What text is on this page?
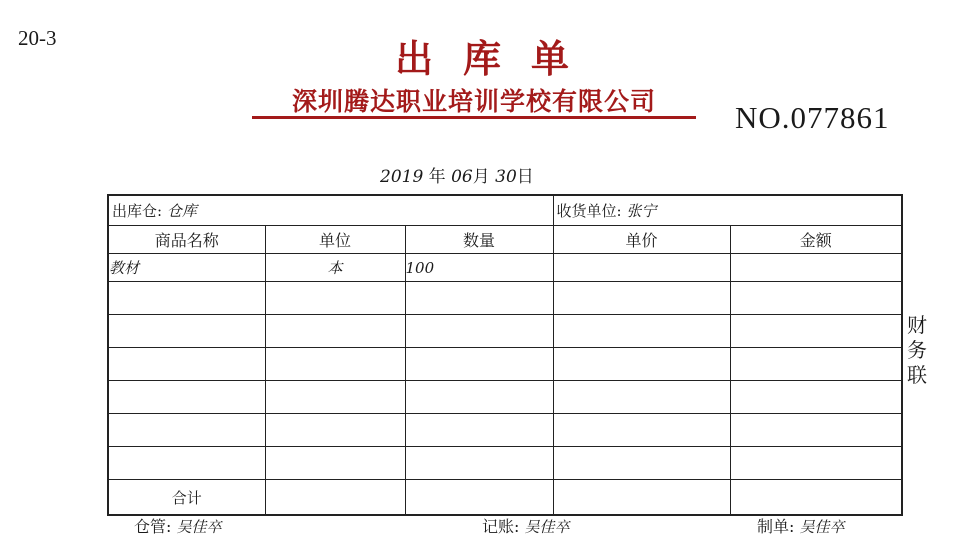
20-3	出库单
深圳腾达职业培训学校有限公司	NO.077861
2019 年 06月 30日
财务联
出库仓: 仓库			收货单位: 张宁	
商品名称	单位	数量	单价	金额
教材	本	100		

合计				
仓管: 吴佳卒	记账: 吴佳卒	制单: 吴佳卒
